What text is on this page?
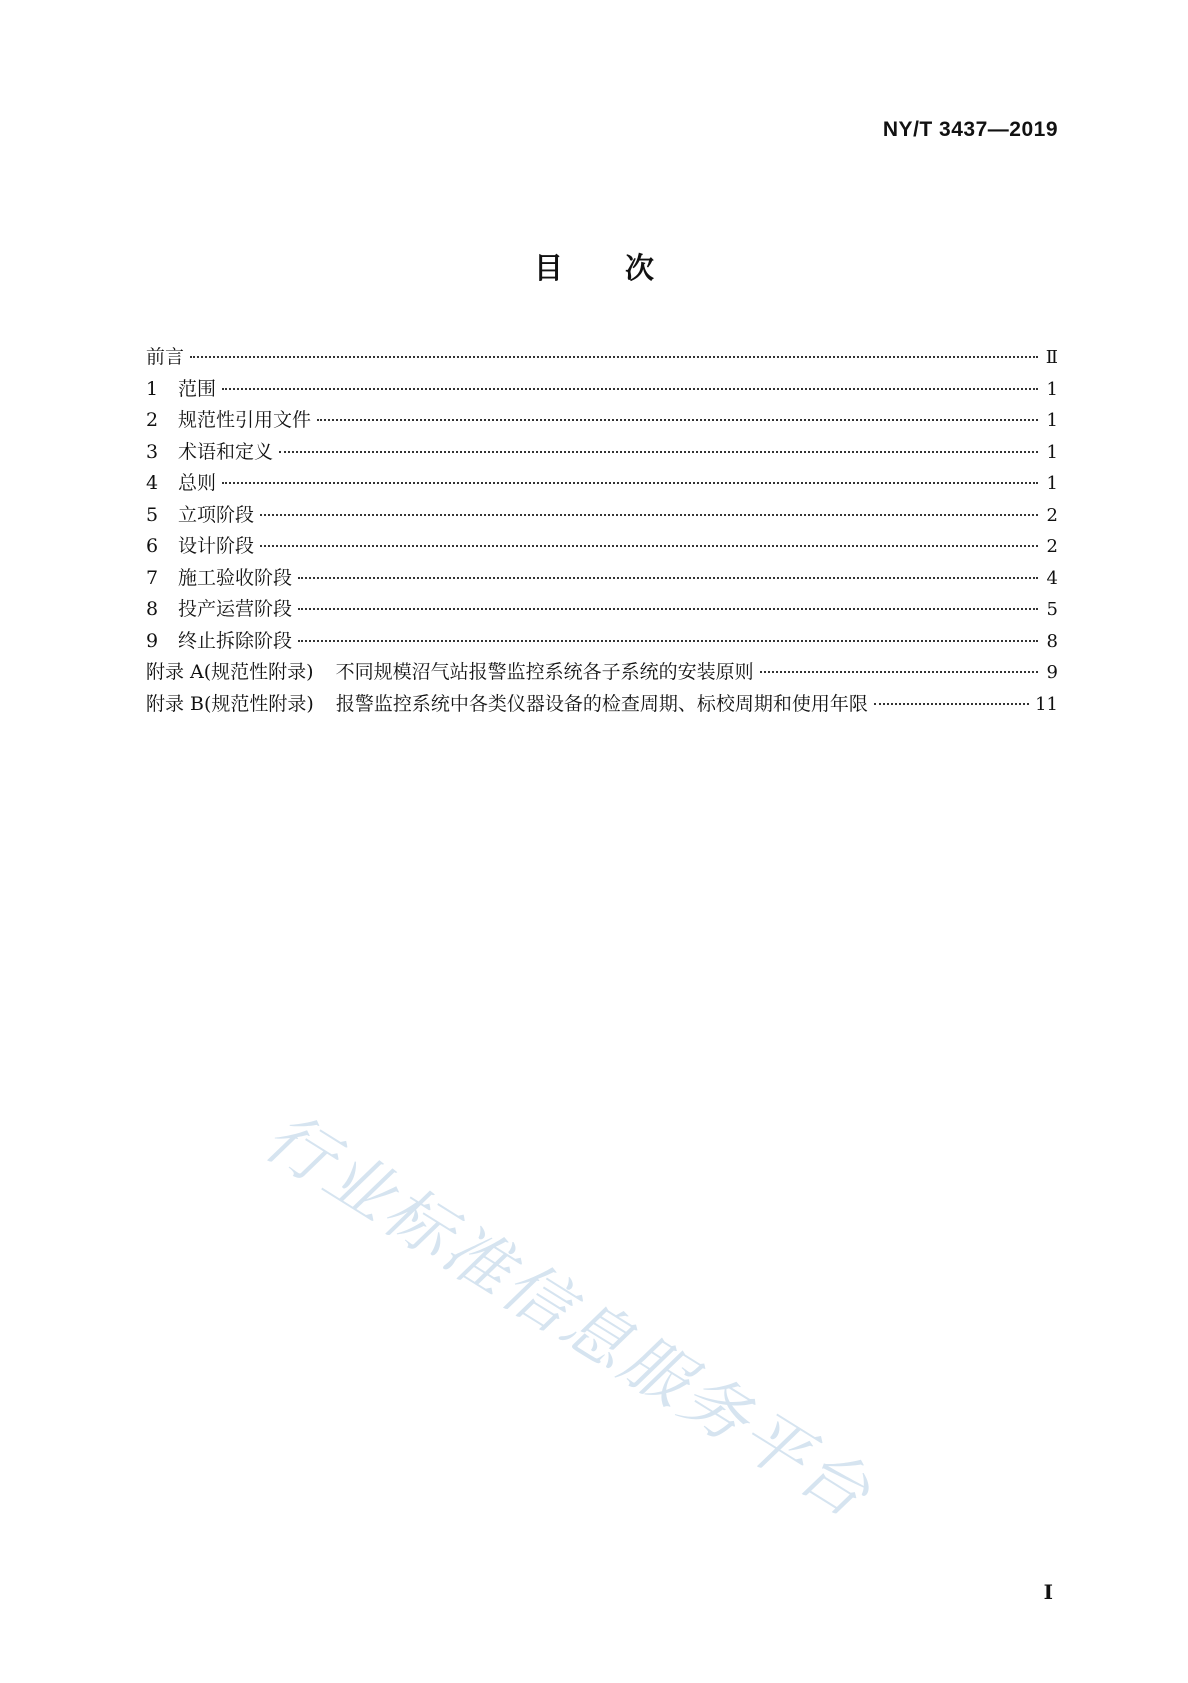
NY/T 3437—2019
目次
前言	Ⅱ
1	范围	1
2	规范性引用文件	1
3	术语和定义	1
4	总则	1
5	立项阶段	2
6	设计阶段	2
7	施工验收阶段	4
8	投产运营阶段	5
9	终止拆除阶段	8
附录 A(规范性附录) 不同规模沼气站报警监控系统各子系统的安装原则	9
附录 B(规范性附录) 报警监控系统中各类仪器设备的检查周期、标校周期和使用年限	11
行业标准信息服务平台
I
